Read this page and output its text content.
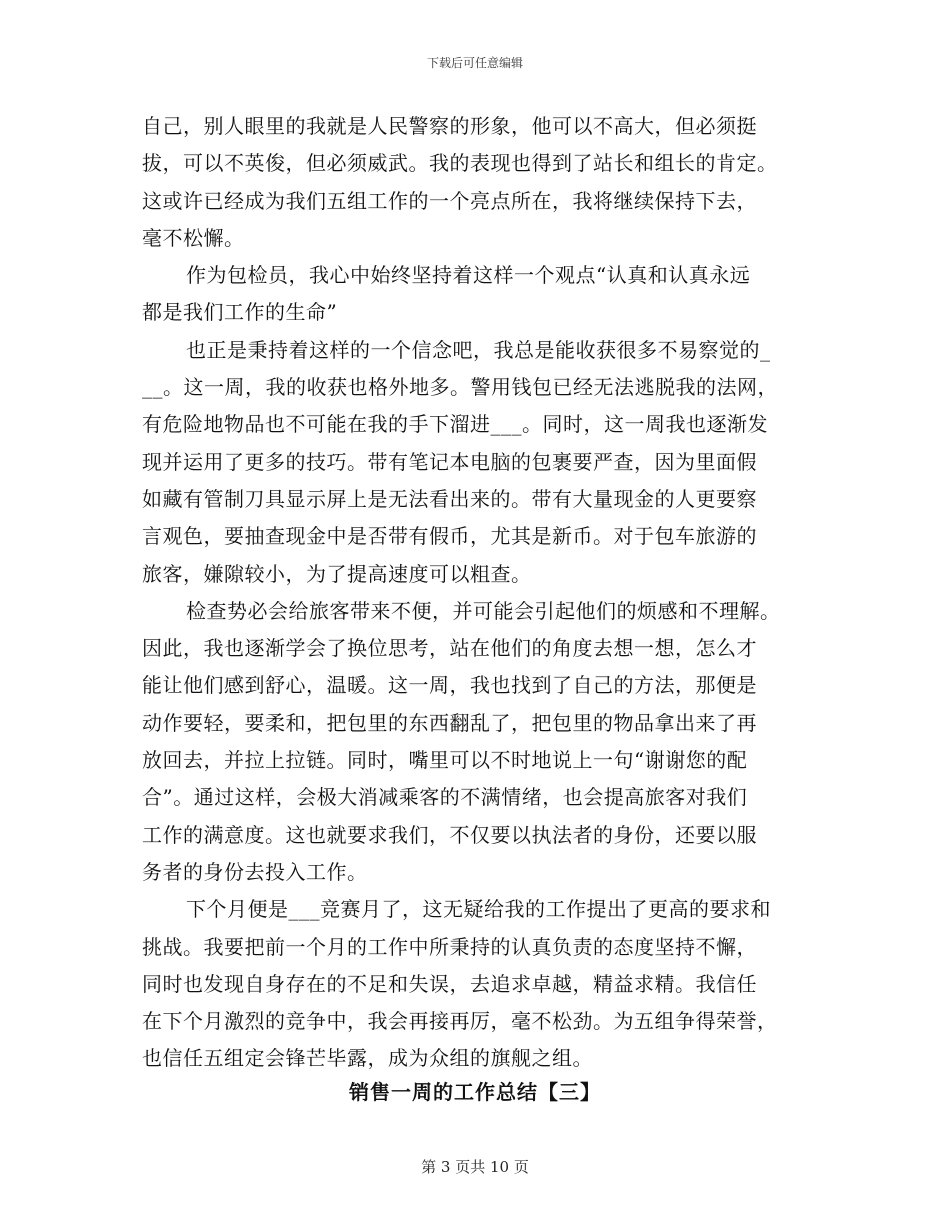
下载后可任意编辑
自己，别人眼里的我就是人民警察的形象，他可以不高大，但必须挺
拔，可以不英俊，但必须威武。我的表现也得到了站长和组长的肯定。
这或许已经成为我们五组工作的一个亮点所在，我将继续保持下去，
毫不松懈。
作为包检员，我心中始终坚持着这样一个观点“认真和认真永远
都是我们工作的生命”
也正是秉持着这样的一个信念吧，我总是能收获很多不易察觉的_
__。这一周，我的收获也格外地多。警用钱包已经无法逃脱我的法网，
有危险地物品也不可能在我的手下溜进___。同时，这一周我也逐渐发
现并运用了更多的技巧。带有笔记本电脑的包裹要严查，因为里面假
如藏有管制刀具显示屏上是无法看出来的。带有大量现金的人更要察
言观色，要抽查现金中是否带有假币，尤其是新币。对于包车旅游的
旅客，嫌隙较小，为了提高速度可以粗查。
检查势必会给旅客带来不便，并可能会引起他们的烦感和不理解。
因此，我也逐渐学会了换位思考，站在他们的角度去想一想，怎么才
能让他们感到舒心，温暖。这一周，我也找到了自己的方法，那便是
动作要轻，要柔和，把包里的东西翻乱了，把包里的物品拿出来了再
放回去，并拉上拉链。同时，嘴里可以不时地说上一句“谢谢您的配
合”。通过这样，会极大消减乘客的不满情绪，也会提高旅客对我们
工作的满意度。这也就要求我们，不仅要以执法者的身份，还要以服
务者的身份去投入工作。
下个月便是___竞赛月了，这无疑给我的工作提出了更高的要求和
挑战。我要把前一个月的工作中所秉持的认真负责的态度坚持不懈，
同时也发现自身存在的不足和失误，去追求卓越，精益求精。我信任
在下个月激烈的竞争中，我会再接再厉，毫不松劲。为五组争得荣誉，
也信任五组定会锋芒毕露，成为众组的旗舰之组。
销售一周的工作总结【三】
第 3 页共 10 页
